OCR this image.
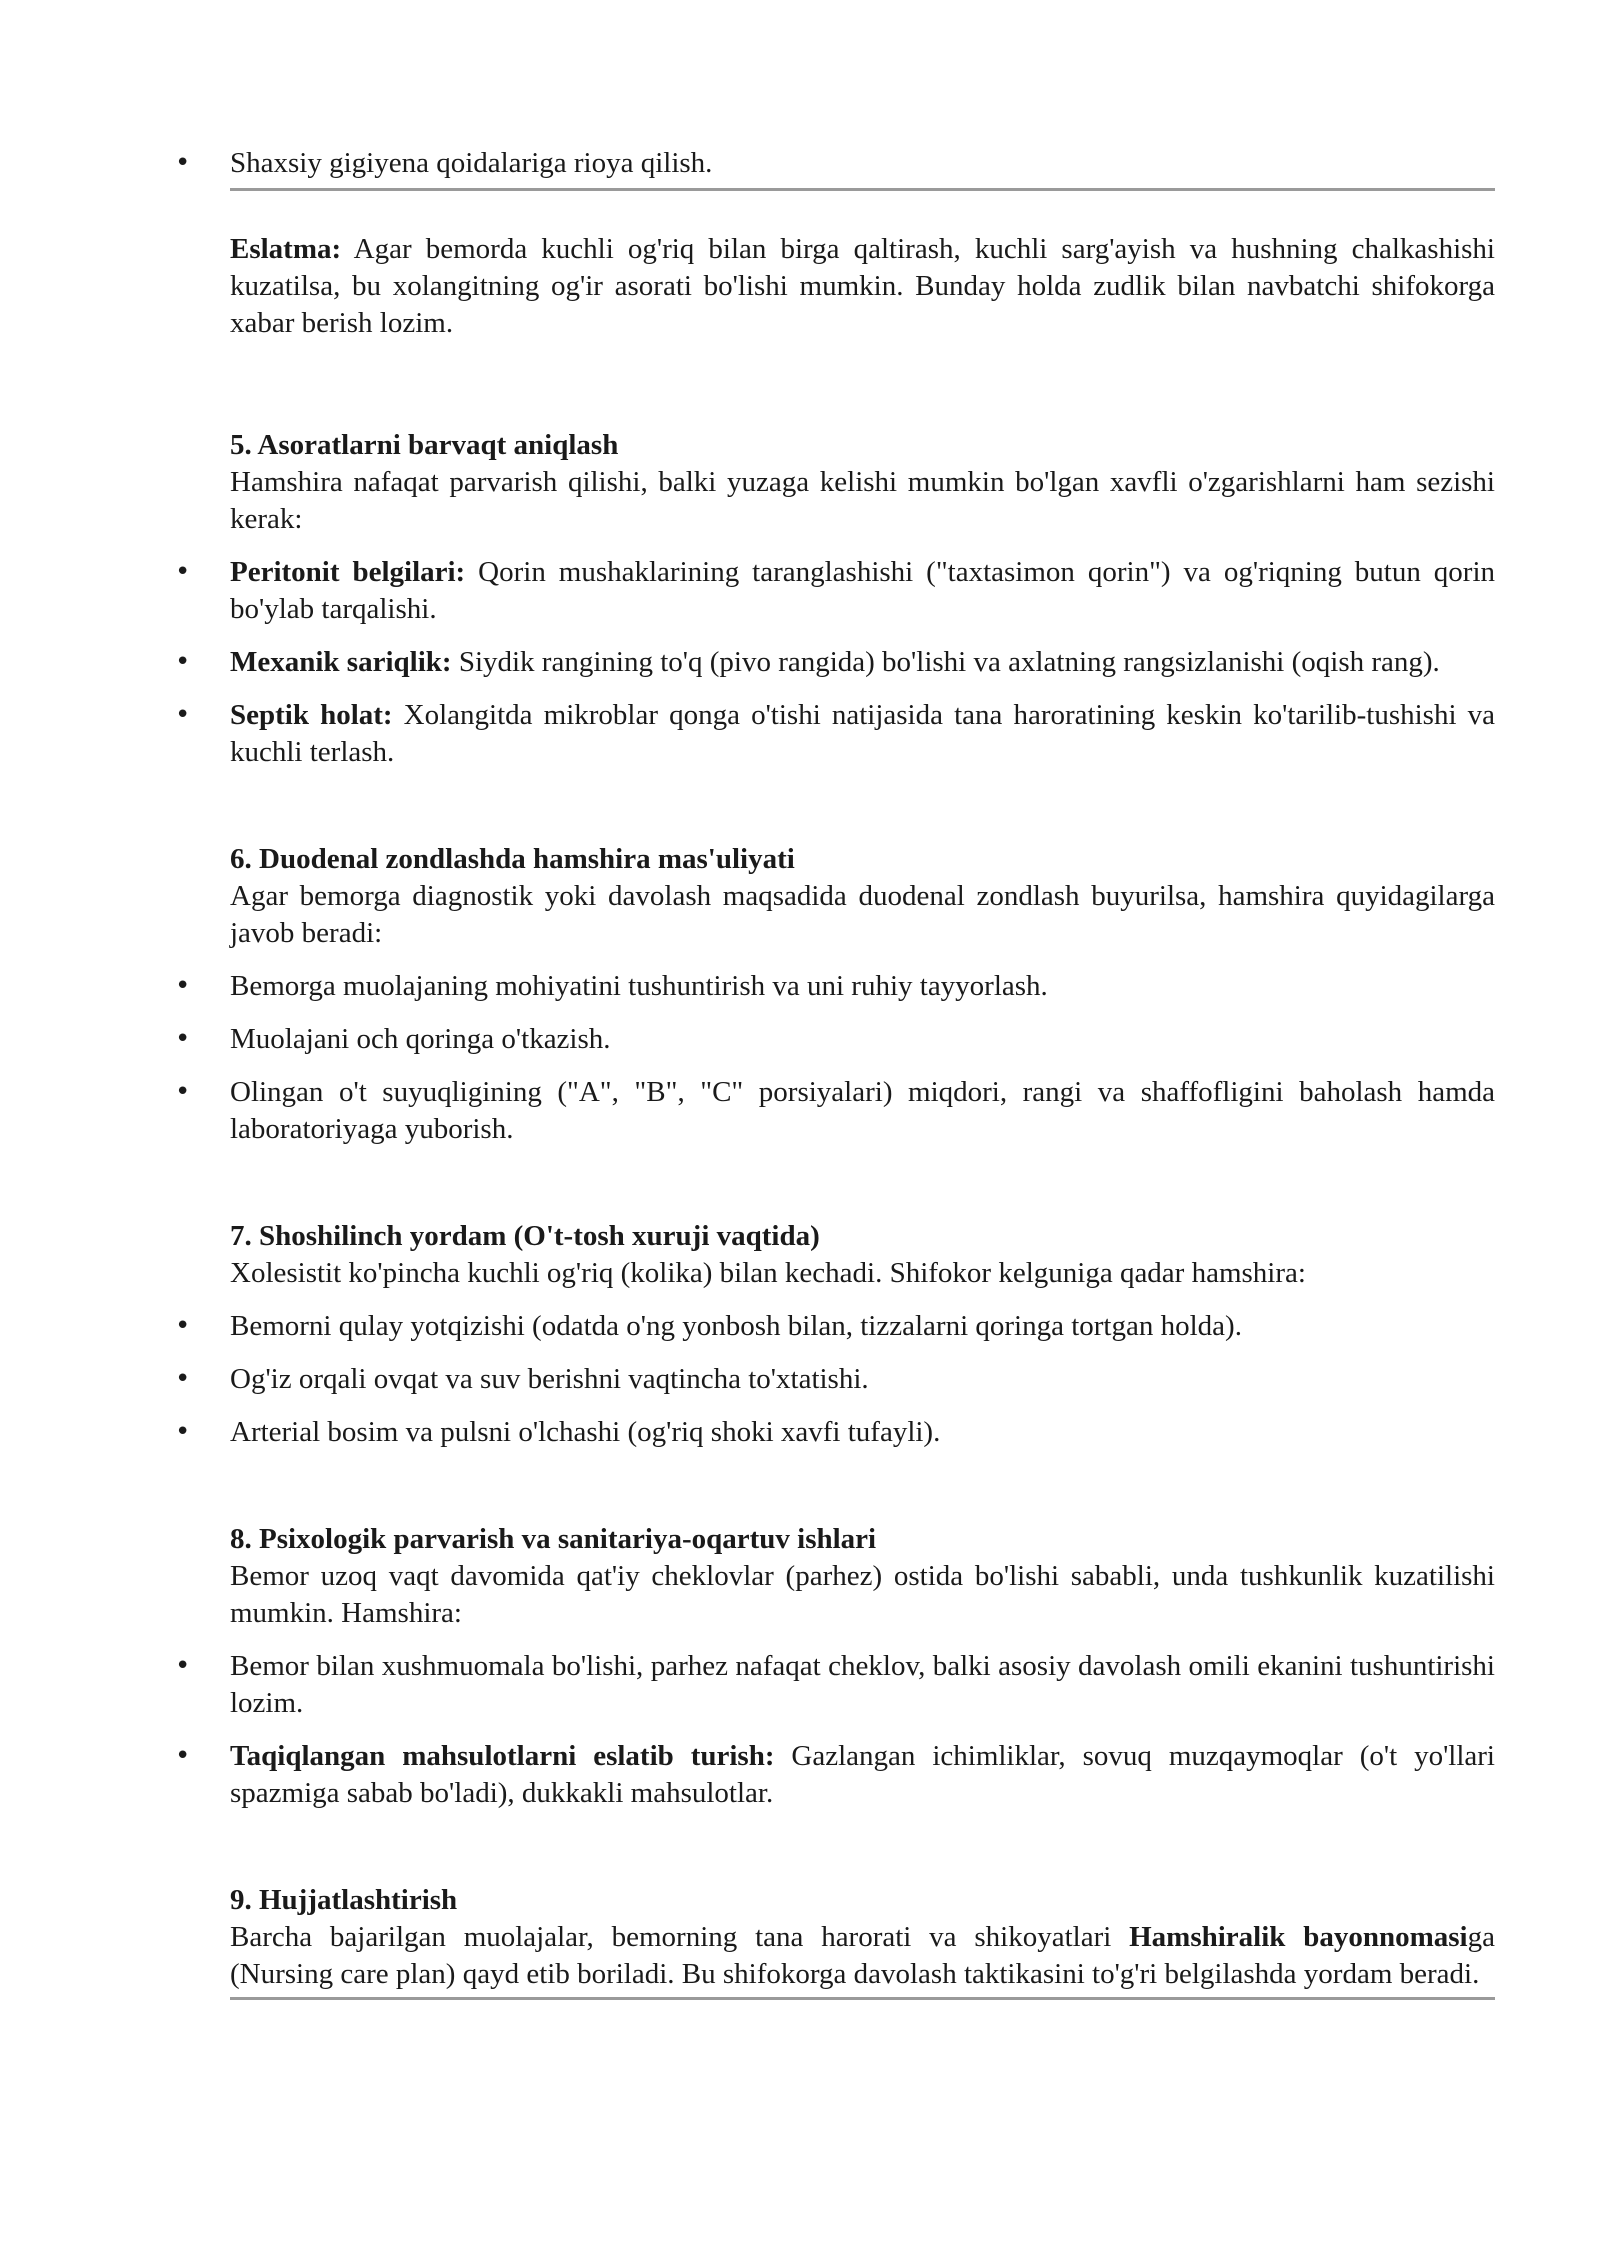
• Shaxsiy gigiyena qoidalariga rioya qilish.
Eslatma: Agar bemorda kuchli og'riq bilan birga qaltirash, kuchli sarg'ayish va hushning chalkashishi kuzatilsa, bu xolangitning og'ir asorati bo'lishi mumkin. Bunday holda zudlik bilan navbatchi shifokorga xabar berish lozim.
5. Asoratlarni barvaqt aniqlash
Hamshira nafaqat parvarish qilishi, balki yuzaga kelishi mumkin bo'lgan xavfli o'zgarishlarni ham sezishi kerak:
• Peritonit belgilari: Qorin mushaklarining taranglashishi ("taxtasimon qorin") va og'riqning butun qorin bo'ylab tarqalishi.
• Mexanik sariqlik: Siydik rangining to'q (pivo rangida) bo'lishi va axlatning rangsizlanishi (oqish rang).
• Septik holat: Xolangitda mikroblar qonga o'tishi natijasida tana haroratining keskin ko'tarilib-tushishi va kuchli terlash.
6. Duodenal zondlashda hamshira mas'uliyati
Agar bemorga diagnostik yoki davolash maqsadida duodenal zondlash buyurilsa, hamshira quyidagilarga javob beradi:
• Bemorga muolajaning mohiyatini tushuntirish va uni ruhiy tayyorlash.
• Muolajani och qoringa o'tkazish.
• Olingan o't suyuqligining ("A", "B", "C" porsiyalari) miqdori, rangi va shaffofligini baholash hamda laboratoriyaga yuborish.
7. Shoshilinch yordam (O't-tosh xuruji vaqtida)
Xolesistit ko'pincha kuchli og'riq (kolika) bilan kechadi. Shifokor kelguniga qadar hamshira:
• Bemorni qulay yotqizishi (odatda o'ng yonbosh bilan, tizzalarni qoringa tortgan holda).
• Og'iz orqali ovqat va suv berishni vaqtincha to'xtatishi.
• Arterial bosim va pulsni o'lchashi (og'riq shoki xavfi tufayli).
8. Psixologik parvarish va sanitariya-oqartuv ishlari
Bemor uzoq vaqt davomida qat'iy cheklovlar (parhez) ostida bo'lishi sababli, unda tushkunlik kuzatilishi mumkin. Hamshira:
• Bemor bilan xushmuomala bo'lishi, parhez nafaqat cheklov, balki asosiy davolash omili ekanini tushuntirishi lozim.
• Taqiqlangan mahsulotlarni eslatib turish: Gazlangan ichimliklar, sovuq muzqaymoqlar (o't yo'llari spazmiga sabab bo'ladi), dukkakli mahsulotlar.
9. Hujjatlashtirish
Barcha bajarilgan muolajalar, bemorning tana harorati va shikoyatlari Hamshiralik bayonnomasiga (Nursing care plan) qayd etib boriladi. Bu shifokorga davolash taktikasini to'g'ri belgilashda yordam beradi.
